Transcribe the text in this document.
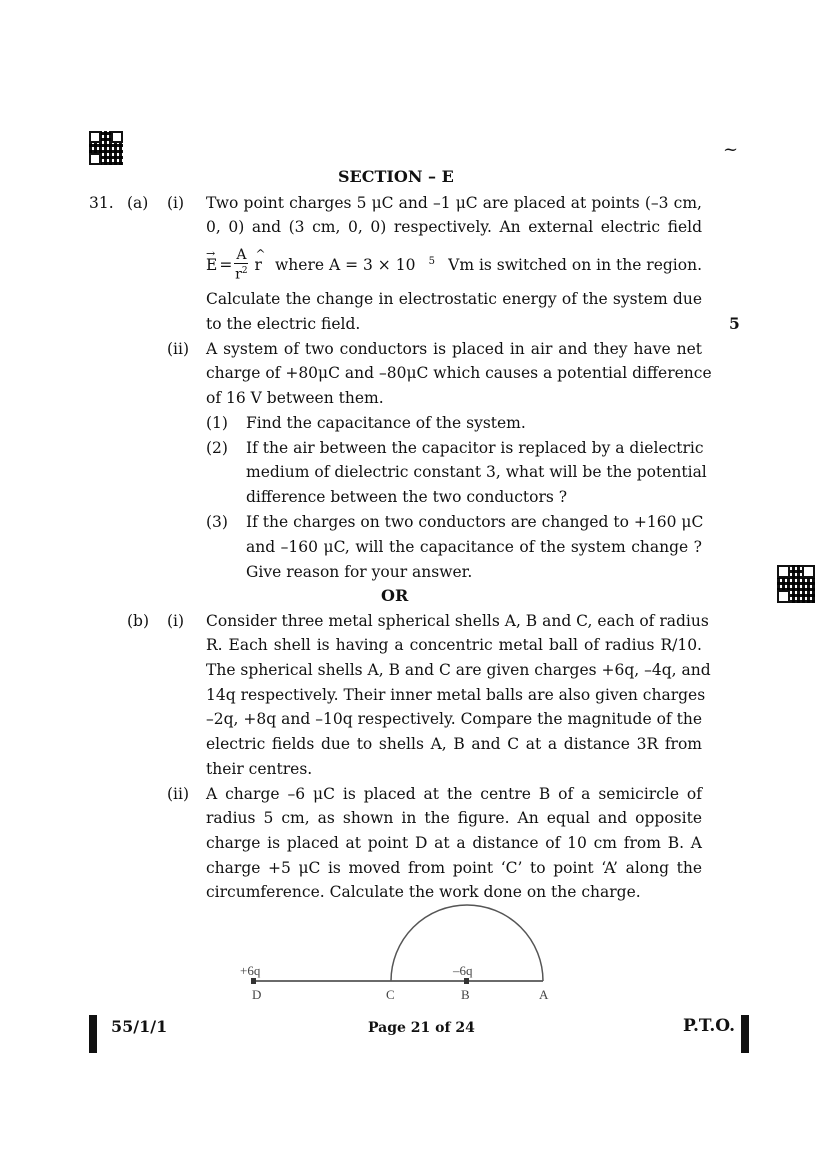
~
SECTION – E
31. (a) (i) Two point charges 5 μC and –1 μC are placed at points (–3 cm,
0, 0) and (3 cm, 0, 0) respectively. An external electric field
→ $E = \frac{A}{r^2}$
^ r where A = 3 × 10 5 Vm is switched on in the region.
Calculate the change in electrostatic energy of the system due
to the electric field.	5
(ii) A system of two conductors is placed in air and they have net
charge of +80μC and –80μC which causes a potential difference
of 16 V between them.
(1) Find the capacitance of the system.
(2) If the air between the capacitor is replaced by a dielectric
medium of dielectric constant 3, what will be the potential
difference between the two conductors ?
(3) If the charges on two conductors are changed to +160 μC
and –160 μC, will the capacitance of the system change ?
Give reason for your answer.
OR
(b) (i) Consider three metal spherical shells A, B and C, each of radius
R. Each shell is having a concentric metal ball of radius R/10.
The spherical shells A, B and C are given charges +6q, –4q, and
14q respectively. Their inner metal balls are also given charges
–2q, +8q and –10q respectively. Compare the magnitude of the
electric fields due to shells A, B and C at a distance 3R from
their centres.
(ii) A charge –6 μC is placed at the centre B of a semicircle of
radius 5 cm, as shown in the figure. An equal and opposite
charge is placed at point D at a distance of 10 cm from B. A
charge +5 μC is moved from point ‘C’ to point ‘A’ along the
circumference. Calculate the work done on the charge.
+6q	–6q
D	C	B	A
55/1/1	Page 21 of 24	P.T.O.
